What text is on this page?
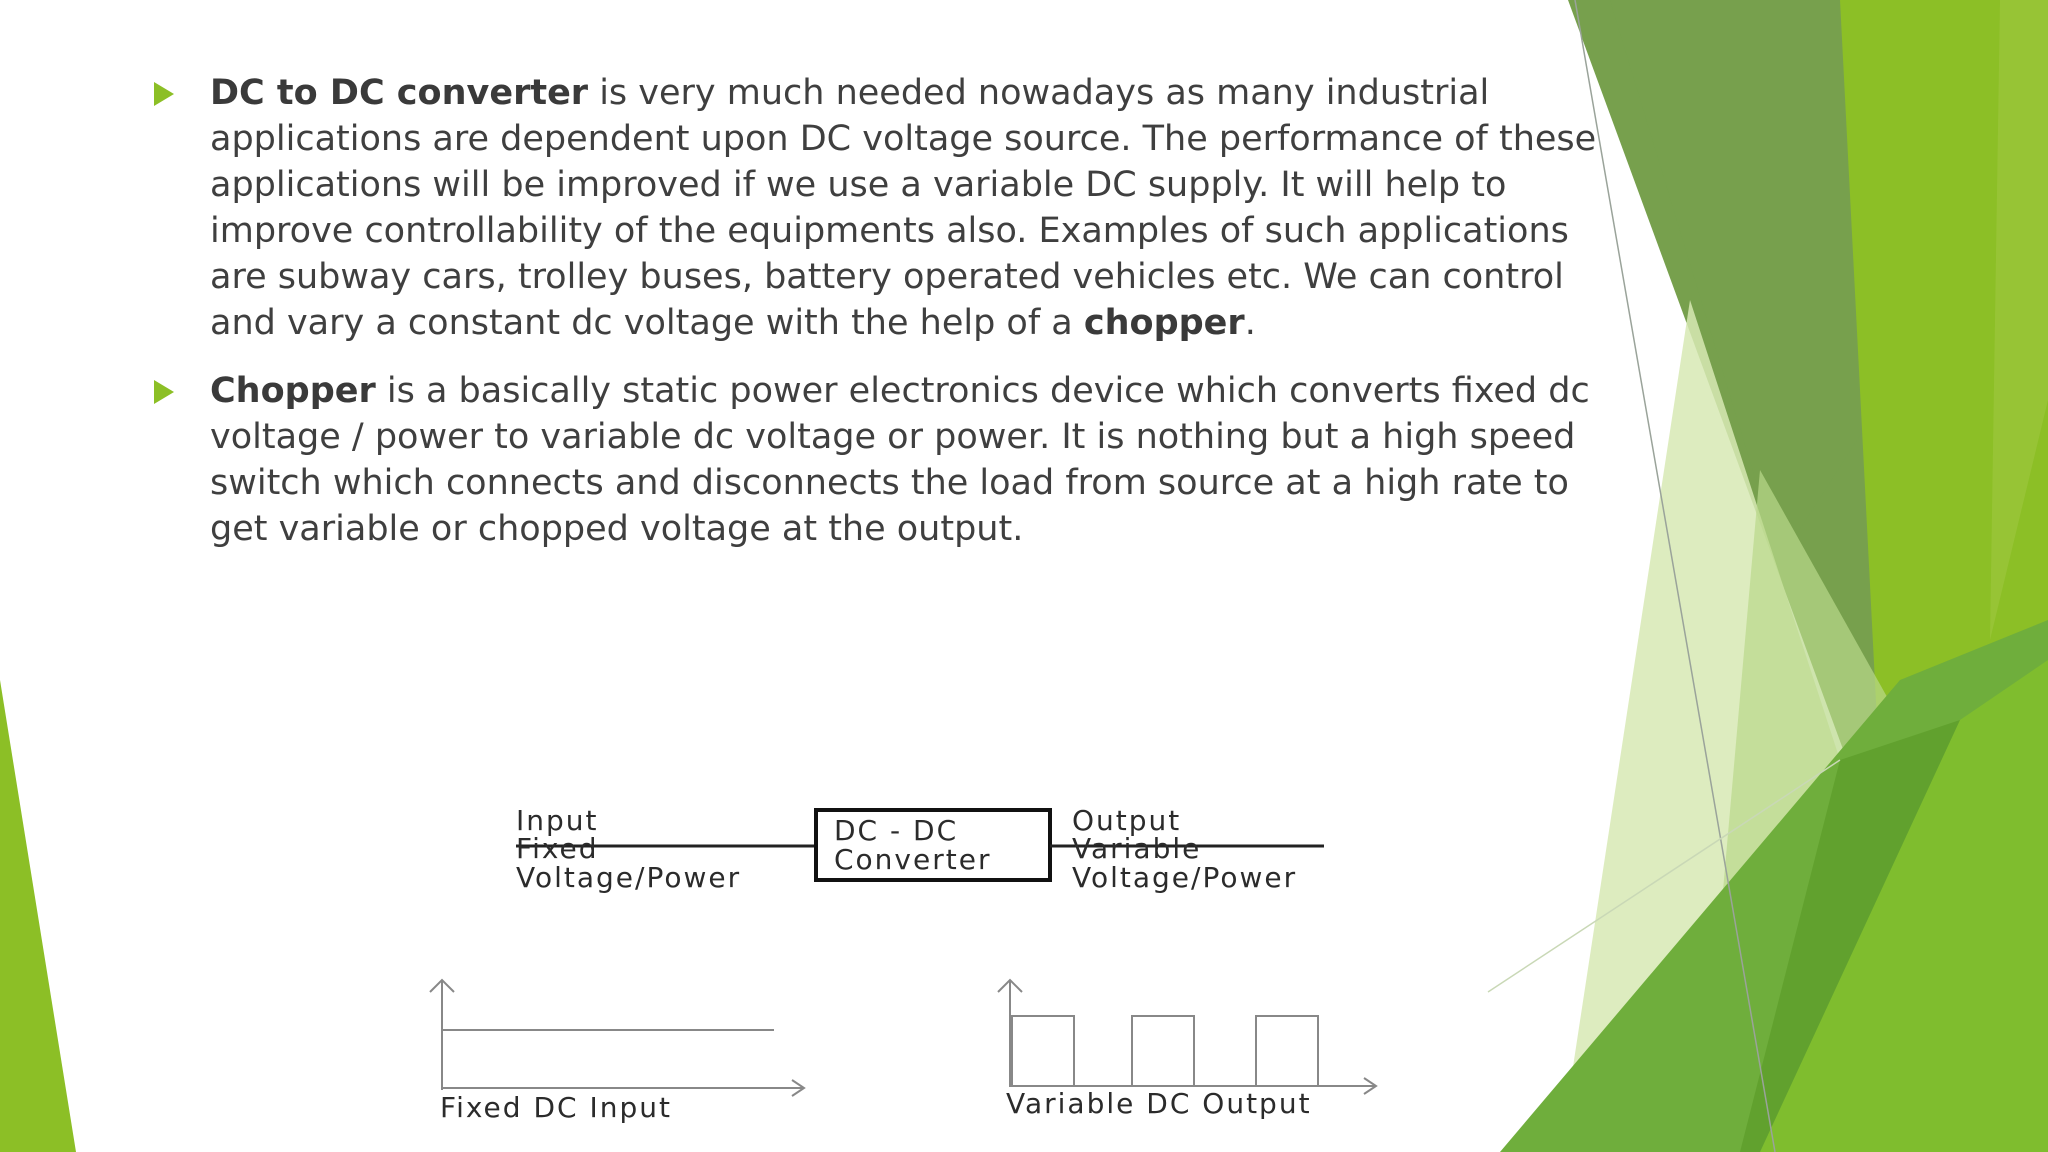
DC to DC converter is very much needed nowadays as many industrial applications are dependent upon DC voltage source. The performance of these applications will be improved if we use a variable DC supply. It will help to improve controllability of the equipments also. Examples of such applications are subway cars, trolley buses, battery operated vehicles etc. We can control and vary a constant dc voltage with the help of a chopper.
Chopper is a basically static power electronics device which converts fixed dc voltage / power to variable dc voltage or power. It is nothing but a high speed switch which connects and disconnects the load from source at a high rate to get variable or chopped voltage at the output.
Input
Fixed
Voltage/Power
DC - DC
Converter
Output
Variable
Voltage/Power
Fixed DC Input	Variable DC Output
